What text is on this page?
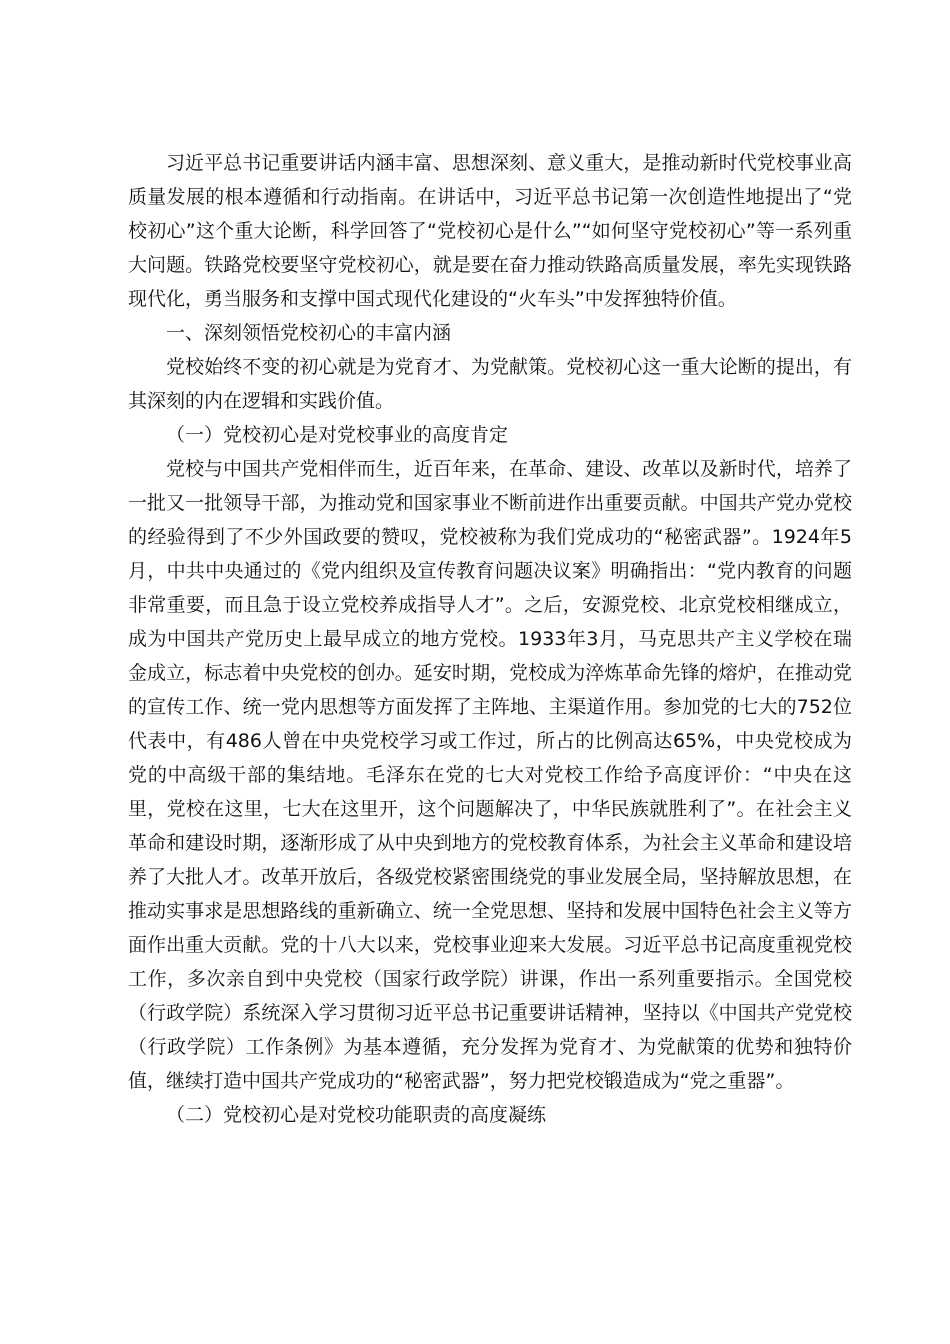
习近平总书记重要讲话内涵丰富、思想深刻、意义重大，是推动新时代党校事业高质量发展的根本遵循和行动指南。在讲话中，习近平总书记第一次创造性地提出了“党校初心”这个重大论断，科学回答了“党校初心是什么”“如何坚守党校初心”等一系列重大问题。铁路党校要坚守党校初心，就是要在奋力推动铁路高质量发展，率先实现铁路现代化，勇当服务和支撑中国式现代化建设的“火车头”中发挥独特价值。

一、深刻领悟党校初心的丰富内涵

党校始终不变的初心就是为党育才、为党献策。党校初心这一重大论断的提出，有其深刻的内在逻辑和实践价值。

（一）党校初心是对党校事业的高度肯定

党校与中国共产党相伴而生，近百年来，在革命、建设、改革以及新时代，培养了一批又一批领导干部，为推动党和国家事业不断前进作出重要贡献。中国共产党办党校的经验得到了不少外国政要的赞叹，党校被称为我们党成功的“秘密武器”。1924年5月，中共中央通过的《党内组织及宣传教育问题决议案》明确指出：“党内教育的问题非常重要，而且急于设立党校养成指导人才”。之后，安源党校、北京党校相继成立，成为中国共产党历史上最早成立的地方党校。1933年3月，马克思共产主义学校在瑞金成立，标志着中央党校的创办。延安时期，党校成为淬炼革命先锋的熔炉，在推动党的宣传工作、统一党内思想等方面发挥了主阵地、主渠道作用。参加党的七大的752位代表中，有486人曾在中央党校学习或工作过，所占的比例高达65%，中央党校成为党的中高级干部的集结地。毛泽东在党的七大对党校工作给予高度评价：“中央在这里，党校在这里，七大在这里开，这个问题解决了，中华民族就胜利了”。在社会主义革命和建设时期，逐渐形成了从中央到地方的党校教育体系，为社会主义革命和建设培养了大批人才。改革开放后，各级党校紧密围绕党的事业发展全局，坚持解放思想，在推动实事求是思想路线的重新确立、统一全党思想、坚持和发展中国特色社会主义等方面作出重大贡献。党的十八大以来，党校事业迎来大发展。习近平总书记高度重视党校工作，多次亲自到中央党校（国家行政学院）讲课，作出一系列重要指示。全国党校（行政学院）系统深入学习贯彻习近平总书记重要讲话精神，坚持以《中国共产党党校（行政学院）工作条例》为基本遵循，充分发挥为党育才、为党献策的优势和独特价值，继续打造中国共产党成功的“秘密武器”，努力把党校锻造成为“党之重器”。

（二）党校初心是对党校功能职责的高度凝练
